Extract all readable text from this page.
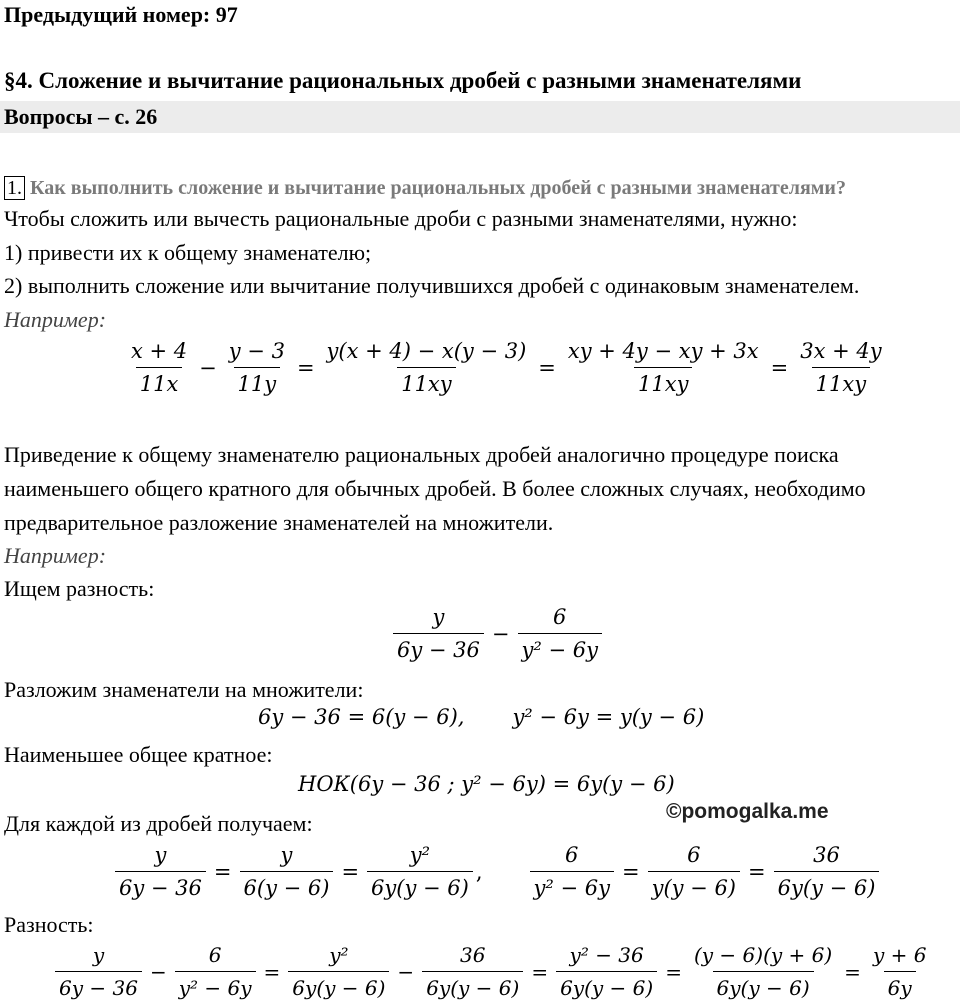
Предыдущий номер: 97
§4. Сложение и вычитание рациональных дробей с разными знаменателями
Вопросы – с. 26
1. Как выполнить сложение и вычитание рациональных дробей с разными знаменателями?
Чтобы сложить или вычесть рациональные дроби с разными знаменателями, нужно:
1) привести их к общему знаменателю;
2) выполнить сложение или вычитание получившихся дробей с одинаковым знаменателем.
Например:
$\frac{x + 4}{11x} - \frac{y - 3}{11y} = \frac{y(x + 4) - x(y - 3)}{11xy} = \frac{xy + 4y - xy + 3x}{11xy} = \frac{3x + 4y}{11xy}$
Приведение к общему знаменателю рациональных дробей аналогично процедуре поиска
наименьшего общего кратного для обычных дробей. В более сложных случаях, необходимо
предварительное разложение знаменателей на множители.
Например:
Ищем разность:
$\frac{y}{6y - 36} - \frac{6}{\text{y² − 6y}}$
Разложим знаменатели на множители:
6y − 36 = 6(y − 6), y² − 6y = y(y − 6)
Наименьшее общее кратное:
НОК(6y − 36 ; y² − 6y) = 6y(y − 6)
©pomogalka.me
Для каждой из дробей получаем:
$\frac{y}{6y - 36} = \frac{y}{6(y - 6)} = \frac{\text{y²}}{6y(y - 6)}$ , $\frac{6}{\text{y² − 6y}} = \frac{6}{y(y - 6)} = \frac{36}{6y(y - 6)}$
Разность:
$\frac{y}{6y - 36} - \frac{6}{\text{y² − 6y}} = \frac{\text{y²}}{6y(y - 6)} - \frac{36}{6y(y - 6)} = \frac{\text{y² − 36}}{6y(y - 6)} = \frac{(y - 6)(y + 6)}{6y(y - 6)} = \frac{y + 6}{6y}$
